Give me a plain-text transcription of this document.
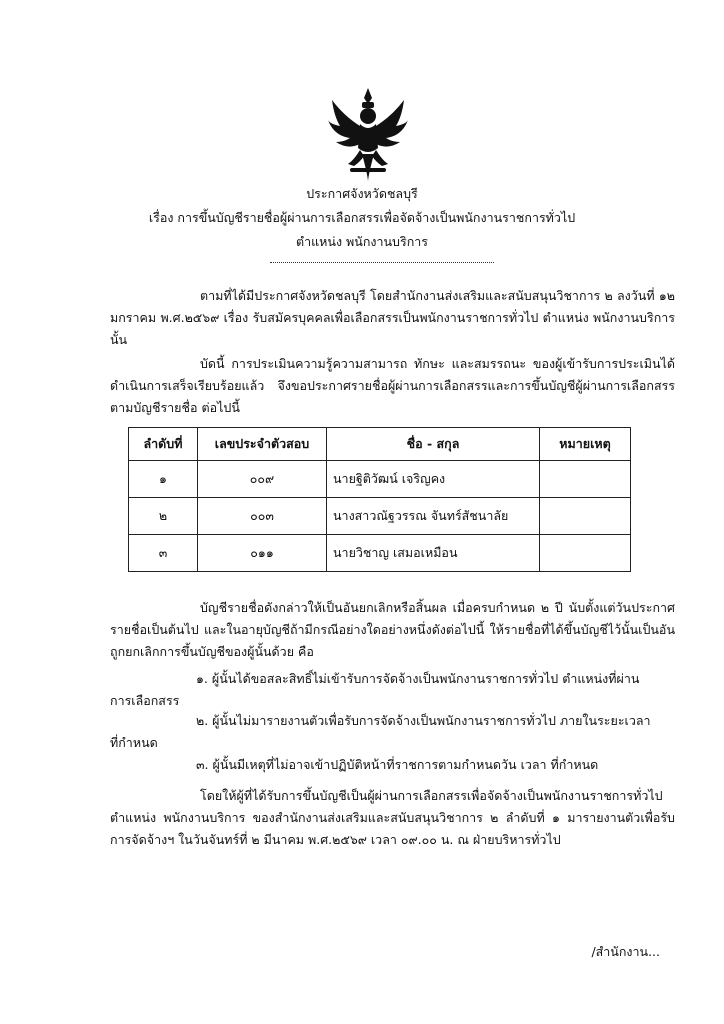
ประกาศจังหวัดชลบุรี
เรื่อง การขึ้นบัญชีรายชื่อผู้ผ่านการเลือกสรรเพื่อจัดจ้างเป็นพนักงานราชการทั่วไป
ตำแหน่ง พนักงานบริการ
ตามที่ได้มีประกาศจังหวัดชลบุรี โดยสำนักงานส่งเสริมและสนับสนุนวิชาการ ๒ ลงวันที่ ๑๒ มกราคม พ.ศ.๒๕๖๙ เรื่อง รับสมัครบุคคลเพื่อเลือกสรรเป็นพนักงานราชการทั่วไป ตำแหน่ง พนักงานบริการ นั้น
บัดนี้ การประเมินความรู้ความสามารถ ทักษะ และสมรรถนะ ของผู้เข้ารับการประเมินได้ดำเนินการเสร็จเรียบร้อยแล้ว จึงขอประกาศรายชื่อผู้ผ่านการเลือกสรรและการขึ้นบัญชีผู้ผ่านการเลือกสรรตามบัญชีรายชื่อ ต่อไปนี้
ลำดับที่	เลขประจำตัวสอบ	ชื่อ - สกุล	หมายเหตุ
๑	๐๐๙	นายฐิติวัฒน์ เจริญคง	
๒	๐๐๓	นางสาวณัฐวรรณ จันทร์สัชนาลัย	
๓	๐๑๑	นายวิชาญ เสมอเหมือน	
บัญชีรายชื่อดังกล่าวให้เป็นอันยกเลิกหรือสิ้นผล เมื่อครบกำหนด ๒ ปี นับตั้งแต่วันประกาศรายชื่อเป็นต้นไป และในอายุบัญชีถ้ามีกรณีอย่างใดอย่างหนึ่งดังต่อไปนี้ ให้รายชื่อที่ได้ขึ้นบัญชีไว้นั้นเป็นอันถูกยกเลิกการขึ้นบัญชีของผู้นั้นด้วย คือ
๑. ผู้นั้นได้ขอสละสิทธิ์ไม่เข้ารับการจัดจ้างเป็นพนักงานราชการทั่วไป ตำแหน่งที่ผ่าน
การเลือกสรร
๒. ผู้นั้นไม่มารายงานตัวเพื่อรับการจัดจ้างเป็นพนักงานราชการทั่วไป ภายในระยะเวลา
ที่กำหนด
๓. ผู้นั้นมีเหตุที่ไม่อาจเข้าปฏิบัติหน้าที่ราชการตามกำหนดวัน เวลา ที่กำหนด
โดยให้ผู้ที่ได้รับการขึ้นบัญชีเป็นผู้ผ่านการเลือกสรรเพื่อจัดจ้างเป็นพนักงานราชการทั่วไป ตำแหน่ง พนักงานบริการ ของสำนักงานส่งเสริมและสนับสนุนวิชาการ ๒ ลำดับที่ ๑ มารายงานตัวเพื่อรับการจัดจ้างฯ ในวันจันทร์ที่ ๒ มีนาคม พ.ศ.๒๕๖๙ เวลา ๐๙.๐๐ น. ณ ฝ่ายบริหารทั่วไป
/สำนักงาน...
